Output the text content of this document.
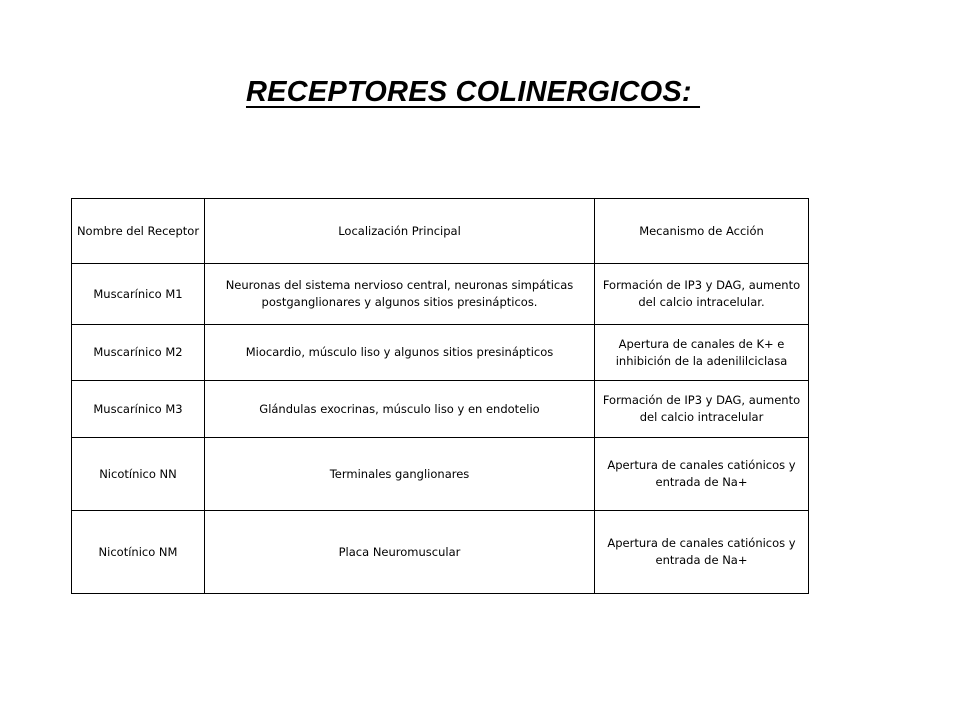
RECEPTORES COLINERGICOS:
Nombre del Receptor	Localización Principal	Mecanismo de Acción
Muscarínico M1	Neuronas del sistema nervioso central, neuronas simpáticas postganglionares y algunos sitios presinápticos.	Formación de IP3 y DAG, aumento del calcio intracelular.
Muscarínico M2	Miocardio, músculo liso y algunos sitios presinápticos	Apertura de canales de K+ e inhibición de la adenililciclasa
Muscarínico M3	Glándulas exocrinas, músculo liso y en endotelio	Formación de IP3 y DAG, aumento del calcio intracelular
Nicotínico NN	Terminales ganglionares	Apertura de canales catiónicos y entrada de Na+
Nicotínico NM	Placa Neuromuscular	Apertura de canales catiónicos y entrada de Na+
